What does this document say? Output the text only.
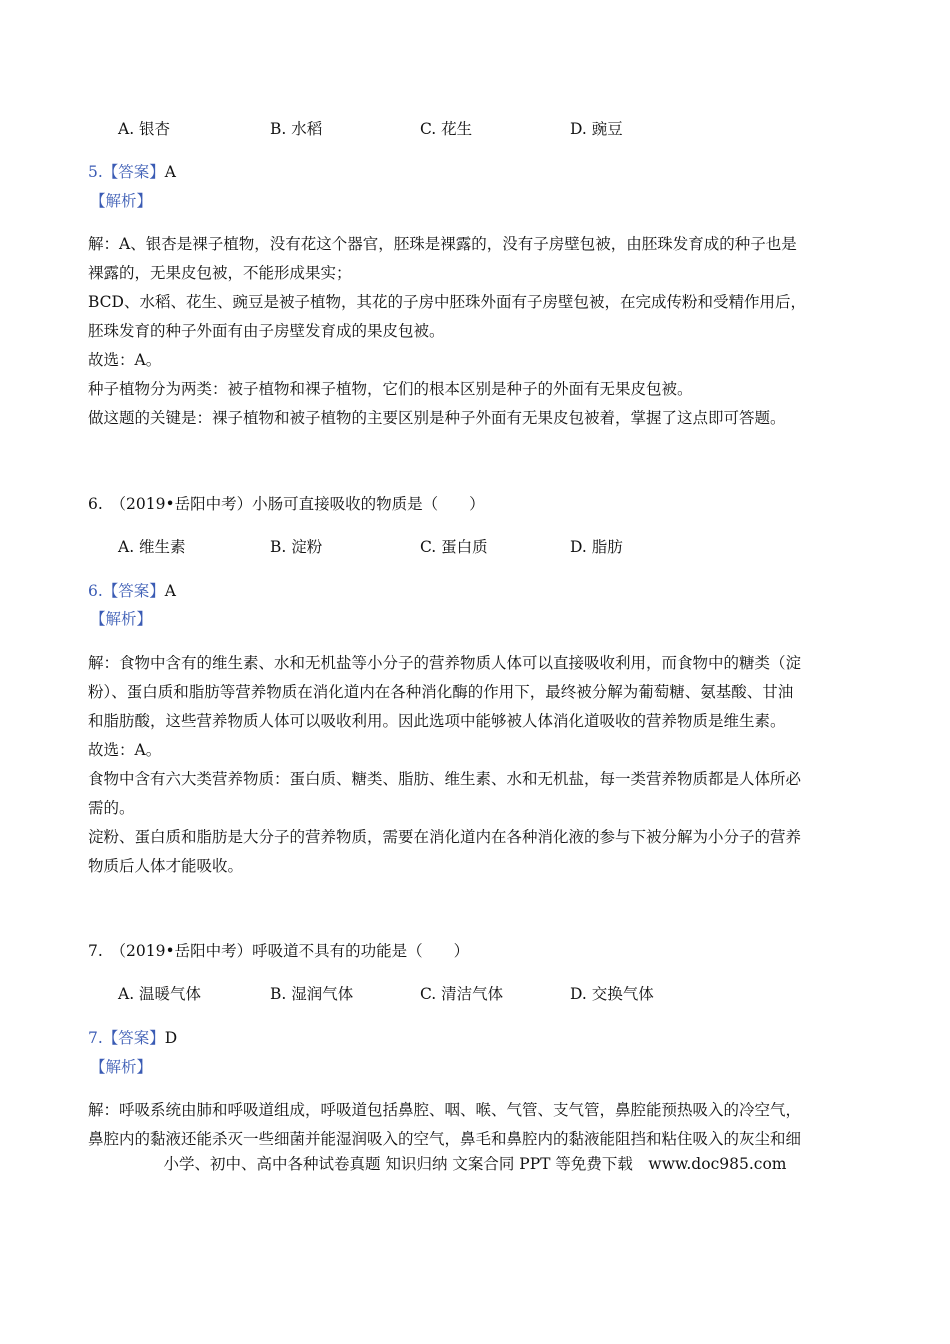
A. 银杏	B. 水稻	C. 花生	D. 豌豆
5.【答案】A
【解析】

解：A、银杏是裸子植物，没有花这个器官，胚珠是裸露的，没有子房壁包被，由胚珠发育成的种子也是

裸露的，无果皮包被，不能形成果实；

BCD、水稻、花生、豌豆是被子植物，其花的子房中胚珠外面有子房壁包被，在完成传粉和受精作用后，

胚珠发育的种子外面有由子房壁发育成的果皮包被。

故选：A。

种子植物分为两类：被子植物和裸子植物，它们的根本区别是种子的外面有无果皮包被。

做这题的关键是：裸子植物和被子植物的主要区别是种子外面有无果皮包被着，掌握了这点即可答题。

6.　（2019•岳阳中考）小肠可直接吸收的物质是（　　）
A. 维生素	B. 淀粉	C. 蛋白质	D. 脂肪
6.【答案】A
【解析】

解：食物中含有的维生素、水和无机盐等小分子的营养物质人体可以直接吸收利用，而食物中的糖类（淀

粉）、蛋白质和脂肪等营养物质在消化道内在各种消化酶的作用下，最终被分解为葡萄糖、氨基酸、甘油

和脂肪酸，这些营养物质人体可以吸收利用。因此选项中能够被人体消化道吸收的营养物质是维生素。

故选：A。

食物中含有六大类营养物质：蛋白质、糖类、脂肪、维生素、水和无机盐，每一类营养物质都是人体所必

需的。

淀粉、蛋白质和脂肪是大分子的营养物质，需要在消化道内在各种消化液的参与下被分解为小分子的营养

物质后人体才能吸收。

7.　（2019•岳阳中考）呼吸道不具有的功能是（　　）
A. 温暖气体	B. 湿润气体	C. 清洁气体	D. 交换气体
7.【答案】D
【解析】

解：呼吸系统由肺和呼吸道组成，呼吸道包括鼻腔、咽、喉、气管、支气管，鼻腔能预热吸入的冷空气，

鼻腔内的黏液还能杀灭一些细菌并能湿润吸入的空气，鼻毛和鼻腔内的黏液能阻挡和粘住吸入的灰尘和细

小学、初中、高中各种试卷真题 知识归纳 文案合同 PPT 等免费下载　www.doc985.com
